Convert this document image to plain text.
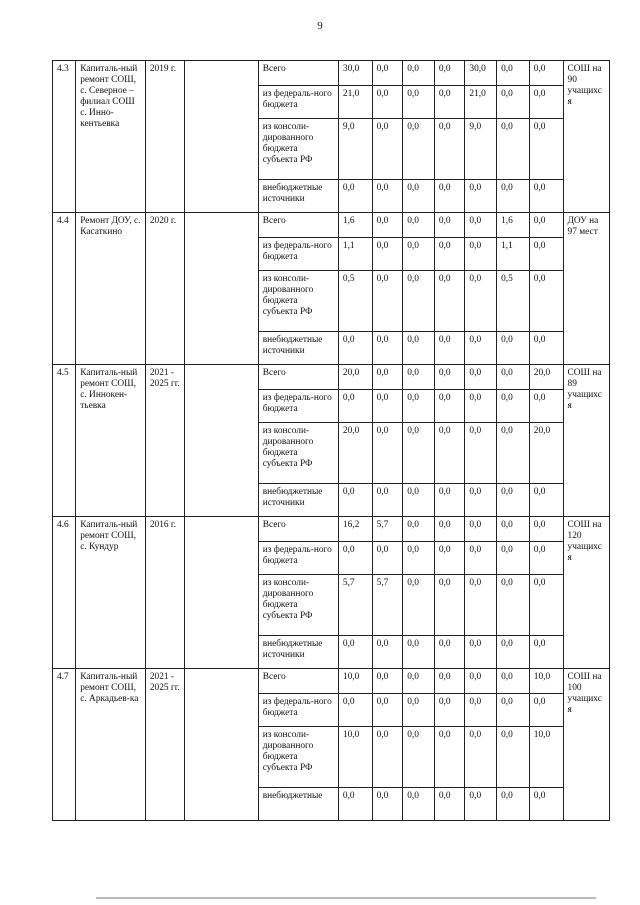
9
4.3	Капиталь-ный ремонт СОШ, с. Северное – филиал СОШ с. Инно-кентьевка	2019 г.		Всего	30,0	0,0	0,0	0,0	30,0	0,0	0,0	СОШ на 90 учащихся
				из федераль-ного бюджета	21,0	0,0	0,0	0,0	21,0	0,0	0,0	
				из консоли-дированного бюджета субъекта РФ	9,0	0,0	0,0	0,0	9,0	0,0	0,0	
				внебюджетные источники	0,0	0,0	0,0	0,0	0,0	0,0	0,0	
4.4	Ремонт ДОУ, с. Касаткино	2020 г.		Всего	1,6	0,0	0,0	0,0	0,0	1,6	0,0	ДОУ на 97 мест
				из федераль-ного бюджета	1,1	0,0	0,0	0,0	0,0	1,1	0,0	
				из консоли-дированного бюджета субъекта РФ	0,5	0,0	0,0	0,0	0,0	0,5	0,0	
				внебюджетные источники	0,0	0,0	0,0	0,0	0,0	0,0	0,0	
4.5	Капиталь-ный ремонт СОШ, с. Иннокен-тьевка	2021 - 2025 гг.		Всего	20,0	0,0	0,0	0,0	0,0	0,0	20,0	СОШ на 89 учащихся
				из федераль-ного бюджета	0,0	0,0	0,0	0,0	0,0	0,0	0,0	
				из консоли-дированного бюджета субъекта РФ	20,0	0,0	0,0	0,0	0,0	0,0	20,0	
				внебюджетные источники	0,0	0,0	0,0	0,0	0,0	0,0	0,0	
4.6	Капиталь-ный ремонт СОШ, с. Кундур	2016 г.		Всего	16,2	5,7	0,0	0,0	0,0	0,0	0,0	СОШ на 120 учащихся
				из федераль-ного бюджета	0,0	0,0	0,0	0,0	0,0	0,0	0,0	
				из консоли-дированного бюджета субъекта РФ	5,7	5,7	0,0	0,0	0,0	0,0	0,0	
				внебюджетные источники	0,0	0,0	0,0	0,0	0,0	0,0	0,0	
4.7	Капиталь-ный ремонт СОШ, с. Аркадьев-ка	2021 - 2025 гг.		Всего	10,0	0,0	0,0	0,0	0,0	0,0	10,0	СОШ на 100 учащихся
				из федераль-ного бюджета	0,0	0,0	0,0	0,0	0,0	0,0	0,0	
				из консоли-дированного бюджета субъекта РФ	10,0	0,0	0,0	0,0	0,0	0,0	10,0	
				внебюджетные	0,0	0,0	0,0	0,0	0,0	0,0	0,0	
